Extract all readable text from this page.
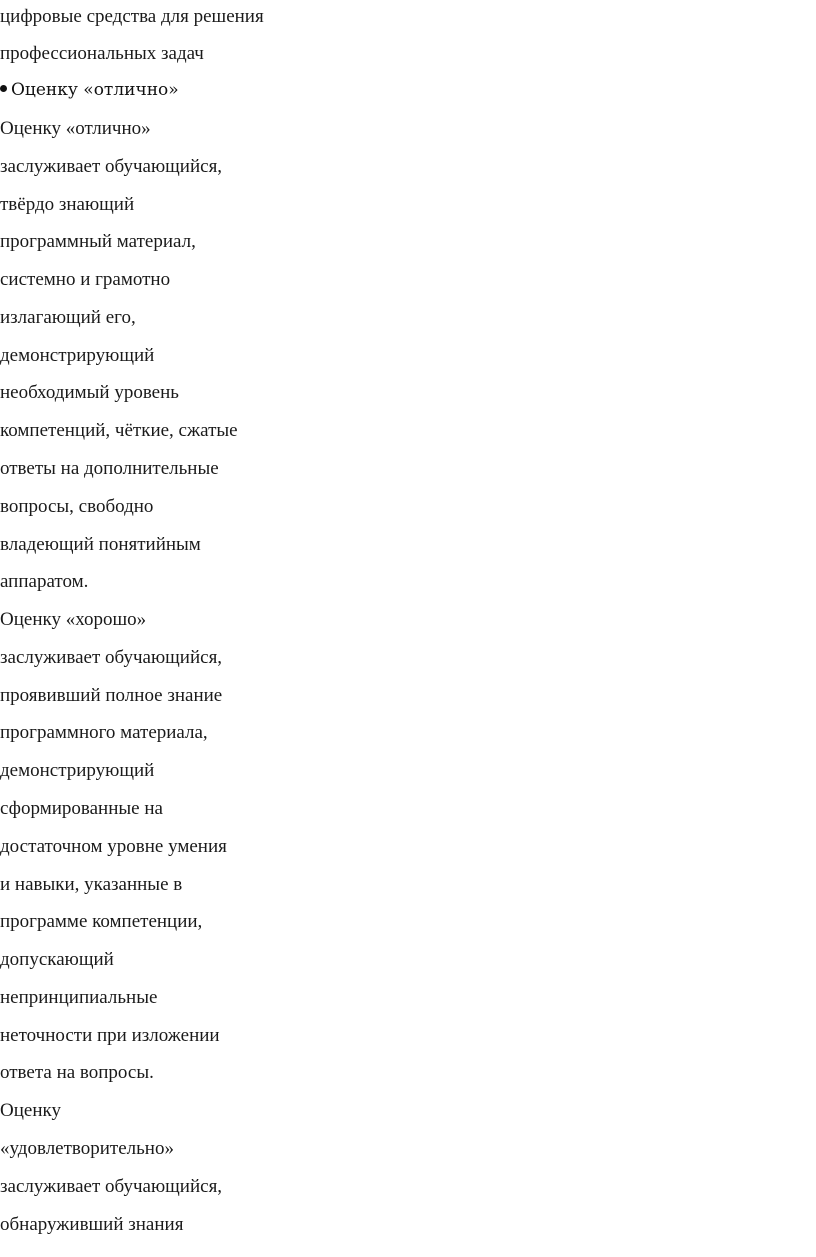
цифровые средства для решения
профессиональных задач
Оценку «отлично»
Оценку «отлично»
заслуживает обучающийся,
твёрдо знающий
программный материал,
системно и грамотно
излагающий его,
демонстрирующий
необходимый уровень
компетенций, чёткие, сжатые
ответы на дополнительные
вопросы, свободно
владеющий понятийным
аппаратом.
Оценку «хорошо»
заслуживает обучающийся,
проявивший полное знание
программного материала,
демонстрирующий
сформированные на
достаточном уровне умения
и навыки, указанные в
программе компетенции,
допускающий
непринципиальные
неточности при изложении
ответа на вопросы.
Оценку
«удовлетворительно»
заслуживает обучающийся,
обнаруживший знания
